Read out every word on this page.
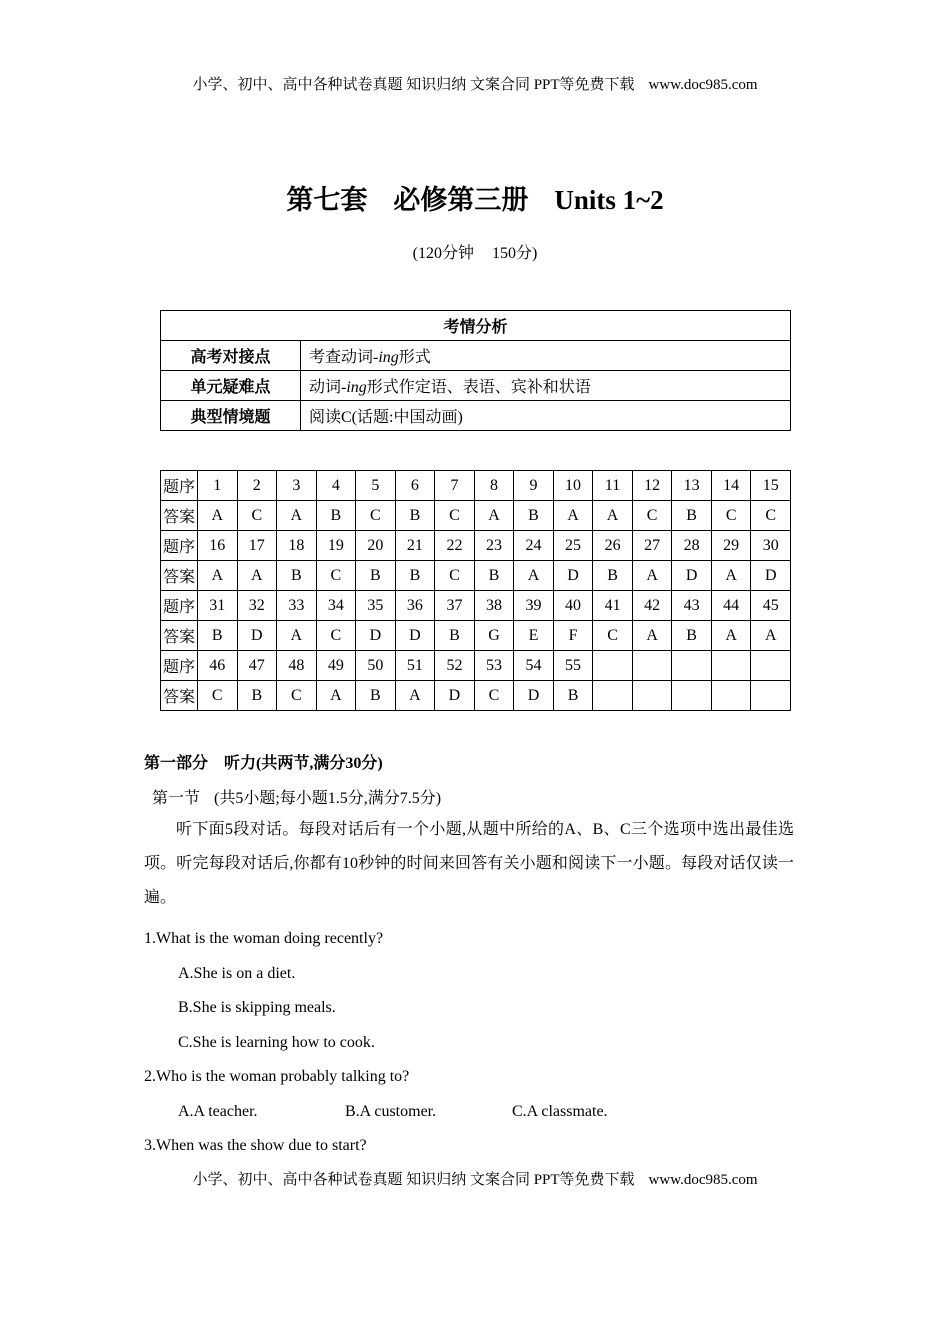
小学、初中、高中各种试卷真题 知识归纳 文案合同 PPT等免费下载 www.doc985.com
第七套 必修第三册 Units 1~2
(120分钟 150分)
考情分析	
高考对接点	考查动词-ing形式
单元疑难点	动词-ing形式作定语、表语、宾补和状语
典型情境题	阅读C(话题:中国动画)
题序	1	2	3	4	5	6	7	8	9	10	11	12	13	14	15
答案	A	C	A	B	C	B	C	A	B	A	A	C	B	C	C
题序	16	17	18	19	20	21	22	23	24	25	26	27	28	29	30
答案	A	A	B	C	B	B	C	B	A	D	B	A	D	A	D
题序	31	32	33	34	35	36	37	38	39	40	41	42	43	44	45
答案	B	D	A	C	D	D	B	G	E	F	C	A	B	A	A
题序	46	47	48	49	50	51	52	53	54	55					
答案	C	B	C	A	B	A	D	C	D	B					
第一部分 听力(共两节,满分30分)
第一节 (共5小题;每小题1.5分,满分7.5分)
听下面5段对话。每段对话后有一个小题,从题中所给的A、B、C三个选项中选出最佳选项。听完每段对话后,你都有10秒钟的时间来回答有关小题和阅读下一小题。每段对话仅读一遍。
1.What is the woman doing recently?
A.She is on a diet.
B.She is skipping meals.
C.She is learning how to cook.
2.Who is the woman probably talking to?
A.A teacher.	B.A customer.	C.A classmate.
3.When was the show due to start?
小学、初中、高中各种试卷真题 知识归纳 文案合同 PPT等免费下载 www.doc985.com
